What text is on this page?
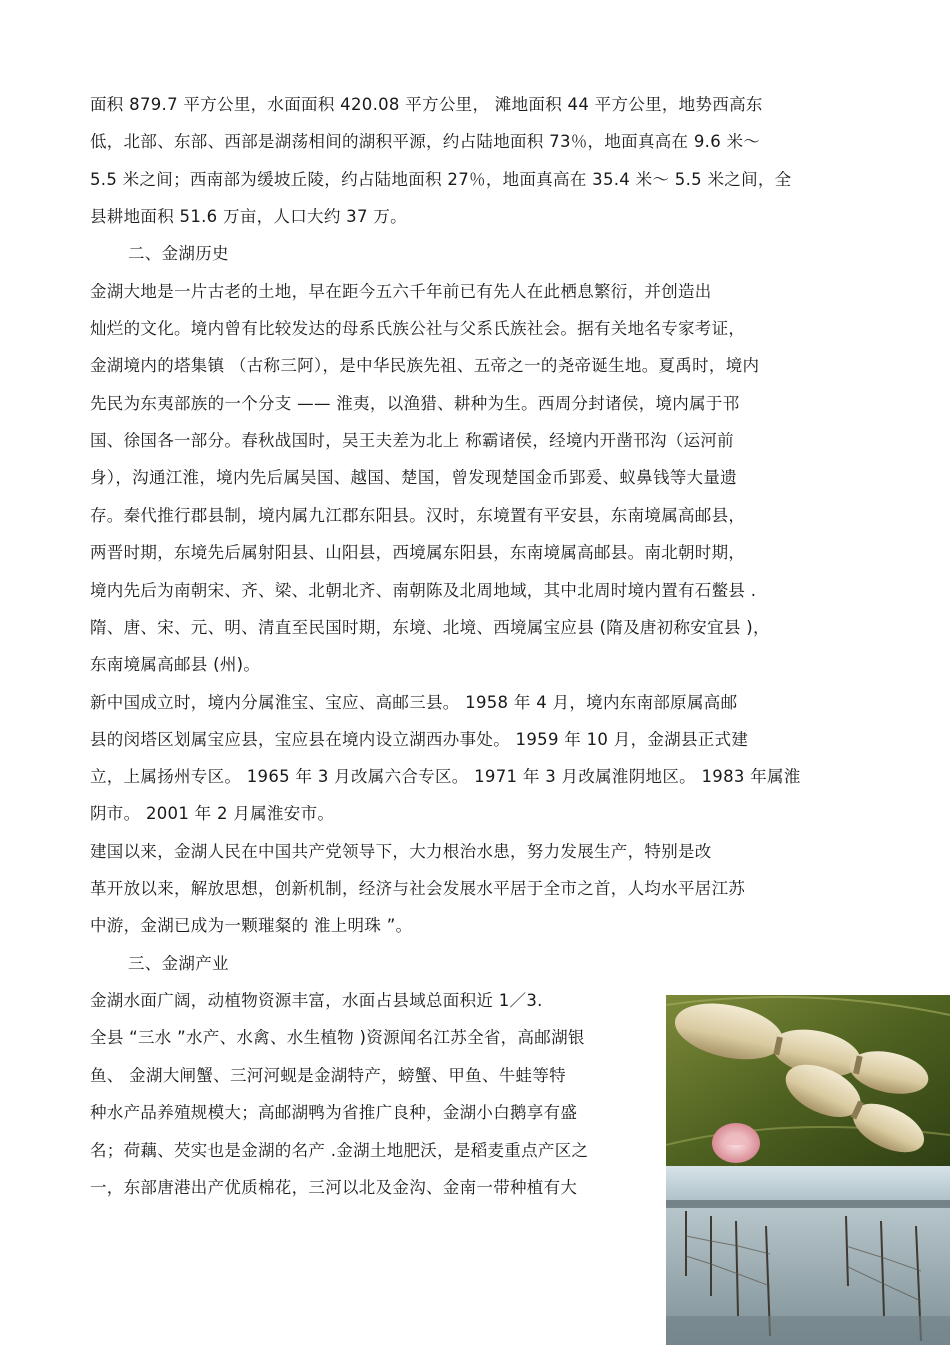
面积 879.7 平方公里，水面面积 420.08 平方公里， 滩地面积 44 平方公里，地势西高东
低，北部、东部、西部是湖荡相间的湖积平源，约占陆地面积 73％，地面真高在 9.6 米～
5.5 米之间；西南部为缓坡丘陵，约占陆地面积 27％，地面真高在 35.4 米～ 5.5 米之间，全
县耕地面积 51.6 万亩，人口大约 37 万。
二、金湖历史
金湖大地是一片古老的土地，早在距今五六千年前已有先人在此栖息繁衍，并创造出
灿烂的文化。境内曾有比较发达的母系氏族公社与父系氏族社会。据有关地名专家考证，
金湖境内的塔集镇 （古称三阿），是中华民族先祖、五帝之一的尧帝诞生地。夏禹时，境内
先民为东夷部族的一个分支 —— 淮夷，以渔猎、耕种为生。西周分封诸侯，境内属于邗
国、徐国各一部分。春秋战国时，吴王夫差为北上 称霸诸侯，经境内开凿邗沟（运河前
身），沟通江淮，境内先后属吴国、越国、楚国，曾发现楚国金币郢爰、蚁鼻钱等大量遗
存。秦代推行郡县制，境内属九江郡东阳县。汉时，东境置有平安县，东南境属高邮县，
两晋时期，东境先后属射阳县、山阳县，西境属东阳县，东南境属高邮县。南北朝时期，
境内先后为南朝宋、齐、梁、北朝北齐、南朝陈及北周地域，其中北周时境内置有石鳖县 .
隋、唐、宋、元、明、清直至民国时期，东境、北境、西境属宝应县 (隋及唐初称安宜县 )，
东南境属高邮县 (州)。
新中国成立时，境内分属淮宝、宝应、高邮三县。 1958 年 4 月，境内东南部原属高邮
县的闵塔区划属宝应县，宝应县在境内设立湖西办事处。 1959 年 10 月，金湖县正式建
立，上属扬州专区。 1965 年 3 月改属六合专区。 1971 年 3 月改属淮阴地区。 1983 年属淮
阴市。 2001 年 2 月属淮安市。
建国以来，金湖人民在中国共产党领导下，大力根治水患，努力发展生产，特别是改
革开放以来，解放思想，创新机制，经济与社会发展水平居于全市之首，人均水平居江苏
中游，金湖已成为一颗璀粲的 淮上明珠 ”。
三、金湖产业
金湖水面广阔，动植物资源丰富，水面占县域总面积近 1／3.
全县 “三水 ”水产、水禽、水生植物 )资源闻名江苏全省，高邮湖银
鱼、 金湖大闸蟹、三河河蚬是金湖特产，螃蟹、甲鱼、牛蛙等特
种水产品养殖规模大；高邮湖鸭为省推广良种，金湖小白鹅享有盛
名；荷藕、芡实也是金湖的名产 .金湖土地肥沃，是稻麦重点产区之
一，东部唐港出产优质棉花，三河以北及金沟、金南一带种植有大
